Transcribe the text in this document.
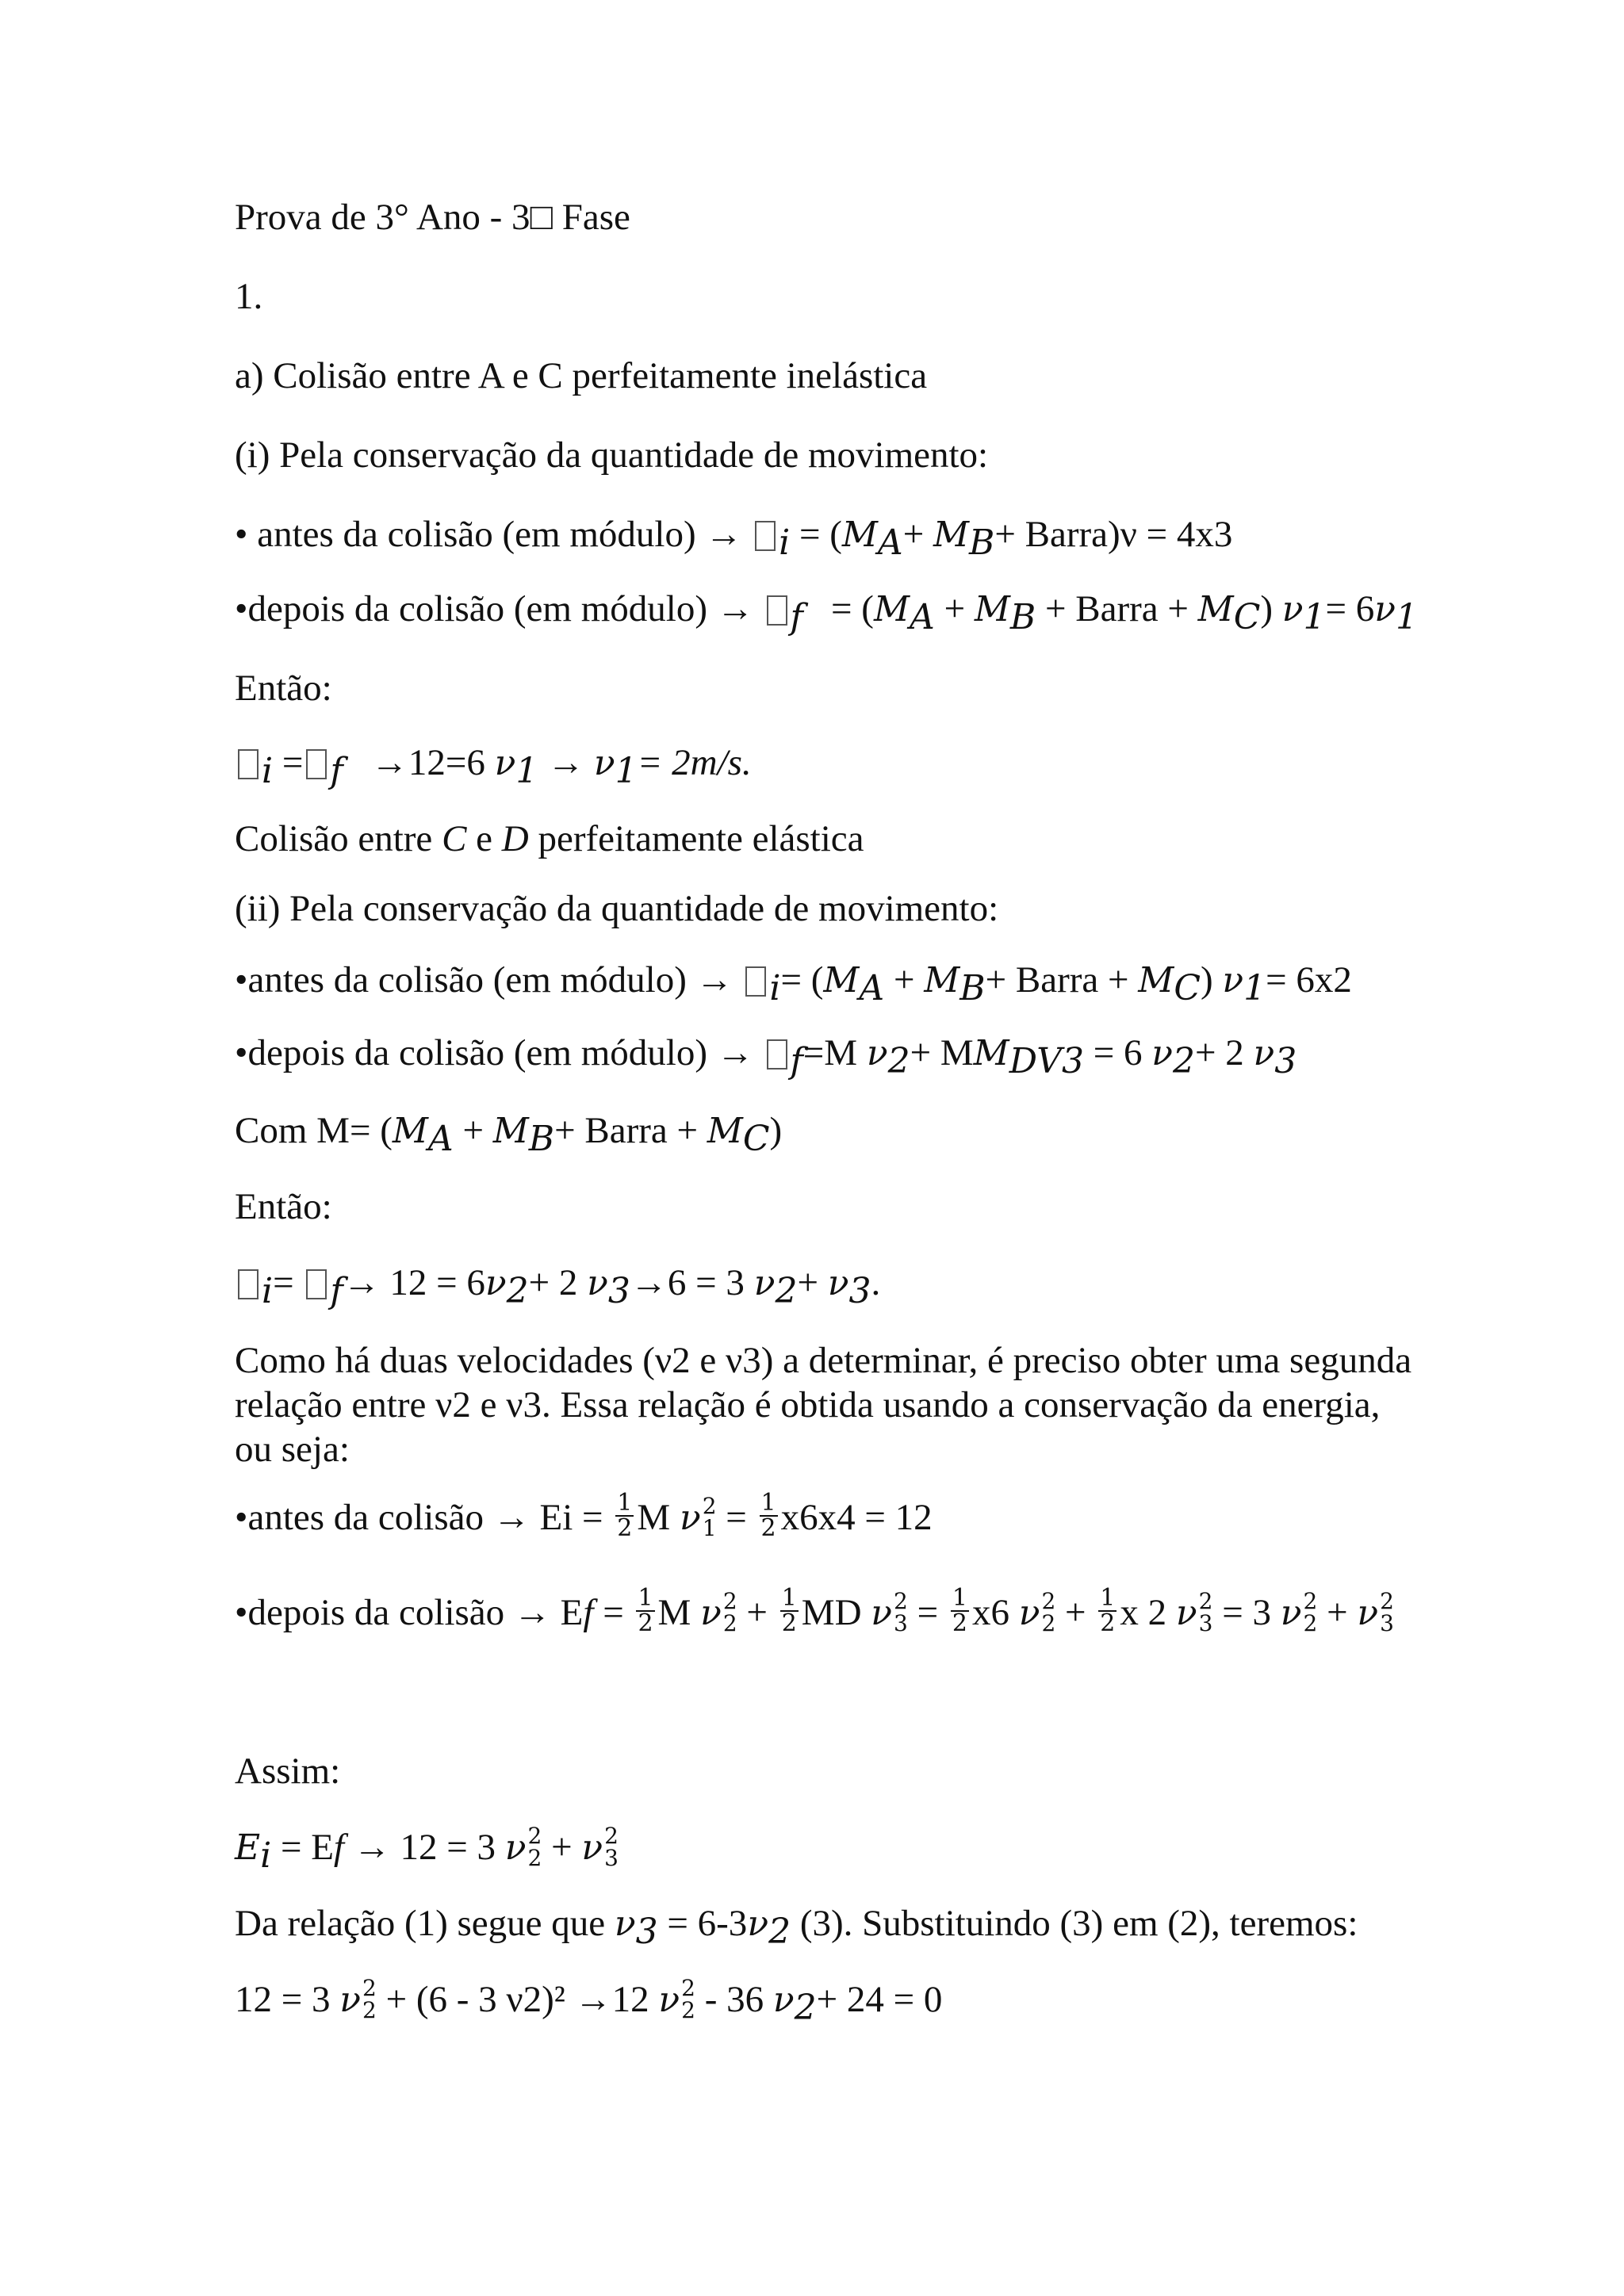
Prova de 3° Ano - 3□ Fase
1.
a) Colisão entre A e C perfeitamente inelástica
(i) Pela conservação da quantidade de movimento:
• antes da colisão (em módulo) → $_i = (M_A+ M_B+$ Barra)ν = 4x3
•depois da colisão (em módulo) → $_f = (M_A + M_B$ + Barra + $M_C$) $\nu_1= 6\nu_1$
Então:
$_i$ = $_f$   →12=6 $\nu_1 \to \nu_1= 2m/s$.
Colisão entre C e D perfeitamente elástica
(ii) Pela conservação da quantidade de movimento:
•antes da colisão (em módulo) → $_i= (M_A + M_B+$ Barra + $M_C$) $\nu_1= 6x2$
•depois da colisão (em módulo) → $_f$=M $\nu_2+ MM_{DV3} = 6$ $\nu_2+ 2$ $\nu_3$
Com $M= (M_A + M_B+$ Barra + $M_C$)
Então:
$_i= _f\to 12 = 6\nu_2+ 2$ $\nu_3\to 6 = 3$ $\nu_2+ \nu_3$.
Como há duas velocidades (ν2 e ν3) a determinar, é preciso obter uma segunda
relação entre ν2 e ν3. Essa relação é obtida usando a conservação da energia,
ou seja:
•antes da colisão → $Ei = \frac{1}{2}$ M ν 2
$1 = \frac{1}{2} x6x4 = 12$
•depois da colisão → $Ef = \frac{1}{2}$ M ν 2
$2 + \frac{1}{2}$ MD ν 2
$3 = \frac{1}{2} x6$ ν 2
$2 + \frac{1}{2}$ x 2 ν 2
3 = 3 ν 2
2 + ν 2
3
Assim:
$E_i = Ef \to 12 = 3$ ν 2
2 + ν 2
3
Da relação (1) segue que $\nu_3 = 6-3\nu_2$ (3). Substituindo (3) em (2), teremos:
12 = 3 ν 2
2 + (6 - 3 ν2)² →12 ν 2
2 - 36 $\nu_2+ 24 = 0$
